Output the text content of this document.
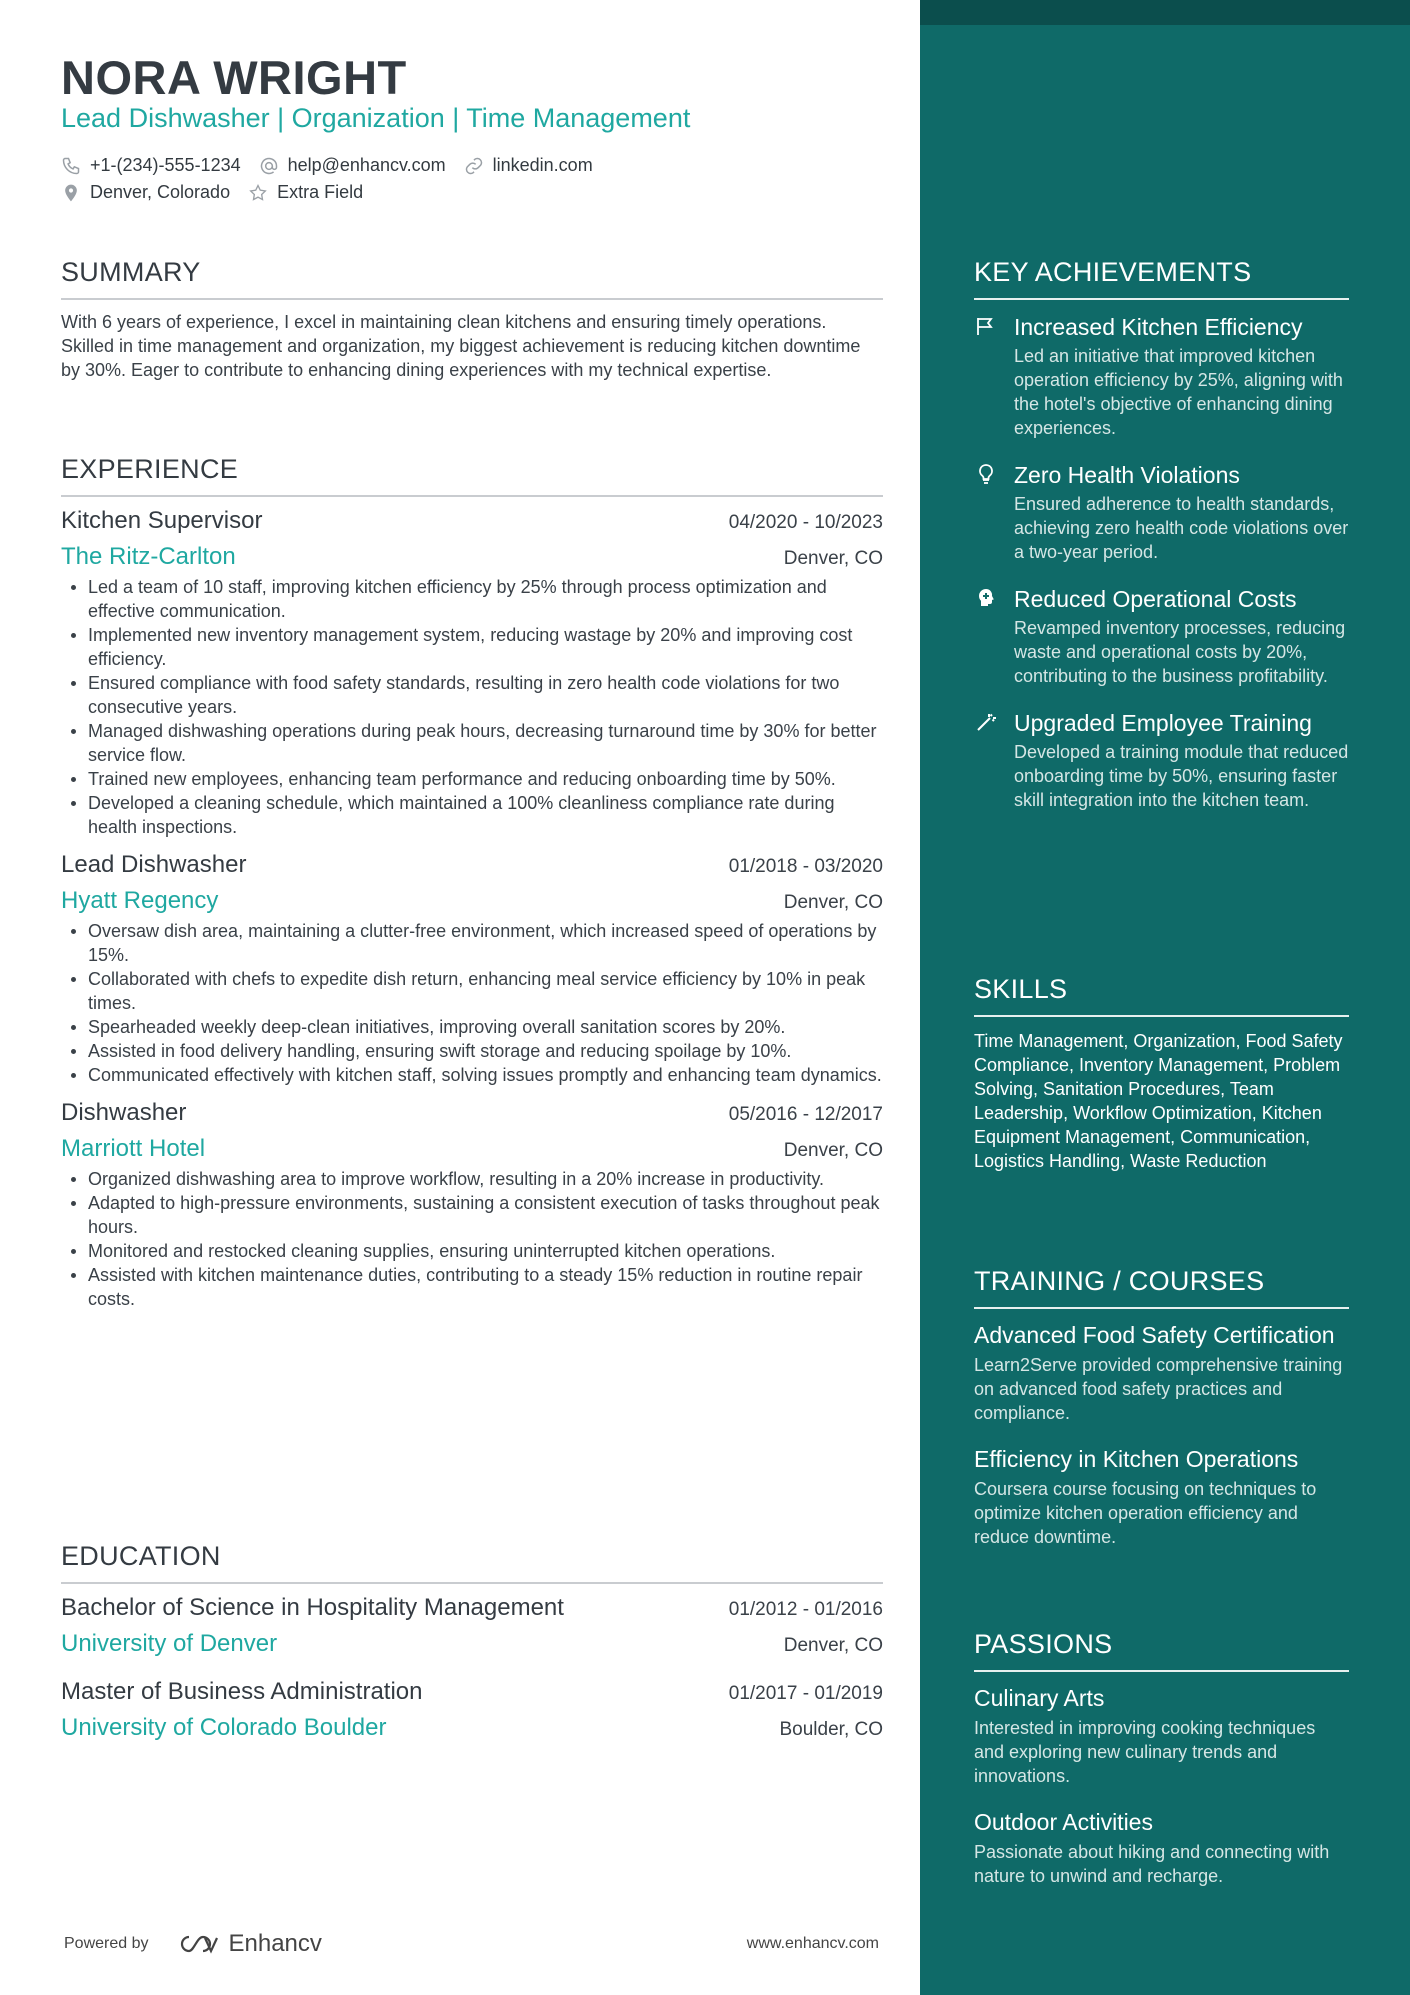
NORA WRIGHT
Lead Dishwasher | Organization | Time Management
+1-(234)-555-1234	help@enhancv.com	linkedin.com
Denver, Colorado	Extra Field
SUMMARY
With 6 years of experience, I excel in maintaining clean kitchens and ensuring timely operations. Skilled in time management and organization, my biggest achievement is reducing kitchen downtime by 30%. Eager to contribute to enhancing dining experiences with my technical expertise.
EXPERIENCE
Kitchen Supervisor	04/2020 - 10/2023
The Ritz-Carlton	Denver, CO
Led a team of 10 staff, improving kitchen efficiency by 25% through process optimization and effective communication.
Implemented new inventory management system, reducing wastage by 20% and improving cost efficiency.
Ensured compliance with food safety standards, resulting in zero health code violations for two consecutive years.
Managed dishwashing operations during peak hours, decreasing turnaround time by 30% for better service flow.
Trained new employees, enhancing team performance and reducing onboarding time by 50%.
Developed a cleaning schedule, which maintained a 100% cleanliness compliance rate during health inspections.
Lead Dishwasher	01/2018 - 03/2020
Hyatt Regency	Denver, CO
Oversaw dish area, maintaining a clutter-free environment, which increased speed of operations by 15%.
Collaborated with chefs to expedite dish return, enhancing meal service efficiency by 10% in peak times.
Spearheaded weekly deep-clean initiatives, improving overall sanitation scores by 20%.
Assisted in food delivery handling, ensuring swift storage and reducing spoilage by 10%.
Communicated effectively with kitchen staff, solving issues promptly and enhancing team dynamics.
Dishwasher	05/2016 - 12/2017
Marriott Hotel	Denver, CO
Organized dishwashing area to improve workflow, resulting in a 20% increase in productivity.
Adapted to high-pressure environments, sustaining a consistent execution of tasks throughout peak hours.
Monitored and restocked cleaning supplies, ensuring uninterrupted kitchen operations.
Assisted with kitchen maintenance duties, contributing to a steady 15% reduction in routine repair costs.
EDUCATION
Bachelor of Science in Hospitality Management	01/2012 - 01/2016
University of Denver	Denver, CO
Master of Business Administration	01/2017 - 01/2019
University of Colorado Boulder	Boulder, CO
Powered by	Enhancv	www.enhancv.com
KEY ACHIEVEMENTS
Increased Kitchen Efficiency
Led an initiative that improved kitchen operation efficiency by 25%, aligning with the hotel's objective of enhancing dining experiences.
Zero Health Violations
Ensured adherence to health standards, achieving zero health code violations over a two-year period.
Reduced Operational Costs
Revamped inventory processes, reducing waste and operational costs by 20%, contributing to the business profitability.
Upgraded Employee Training
Developed a training module that reduced onboarding time by 50%, ensuring faster skill integration into the kitchen team.
SKILLS
Time Management, Organization, Food Safety Compliance, Inventory Management, Problem Solving, Sanitation Procedures, Team Leadership, Workflow Optimization, Kitchen Equipment Management, Communication, Logistics Handling, Waste Reduction
TRAINING / COURSES
Advanced Food Safety Certification
Learn2Serve provided comprehensive training on advanced food safety practices and compliance.
Efficiency in Kitchen Operations
Coursera course focusing on techniques to optimize kitchen operation efficiency and reduce downtime.
PASSIONS
Culinary Arts
Interested in improving cooking techniques and exploring new culinary trends and innovations.
Outdoor Activities
Passionate about hiking and connecting with nature to unwind and recharge.
